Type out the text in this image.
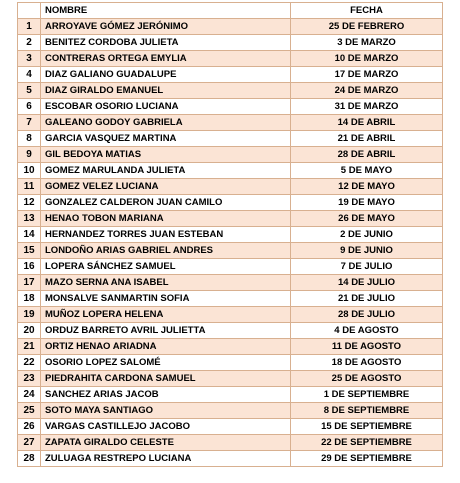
	NOMBRE	FECHA
1	ARROYAVE GÓMEZ JERÓNIMO	25 DE FEBRERO
2	BENITEZ CORDOBA JULIETA	3 DE MARZO
3	CONTRERAS ORTEGA EMYLIA	10 DE MARZO
4	DIAZ GALIANO GUADALUPE	17 DE MARZO
5	DIAZ GIRALDO EMANUEL	24 DE MARZO
6	ESCOBAR OSORIO LUCIANA	31 DE MARZO
7	GALEANO GODOY GABRIELA	14 DE ABRIL
8	GARCIA VASQUEZ MARTINA	21 DE ABRIL
9	GIL BEDOYA MATIAS	28 DE ABRIL
10	GOMEZ MARULANDA JULIETA	5 DE MAYO
11	GOMEZ VELEZ LUCIANA	12 DE MAYO
12	GONZALEZ CALDERON JUAN CAMILO	19 DE MAYO
13	HENAO TOBON MARIANA	26 DE MAYO
14	HERNANDEZ TORRES JUAN ESTEBAN	2 DE JUNIO
15	LONDOÑO ARIAS GABRIEL ANDRES	9 DE JUNIO
16	LOPERA SÁNCHEZ SAMUEL	7 DE JULIO
17	MAZO SERNA ANA ISABEL	14 DE JULIO
18	MONSALVE SANMARTIN SOFIA	21 DE JULIO
19	MUÑOZ LOPERA HELENA	28 DE JULIO
20	ORDUZ BARRETO AVRIL JULIETTA	4 DE AGOSTO
21	ORTIZ HENAO ARIADNA	11 DE AGOSTO
22	OSORIO LOPEZ SALOMÉ	18 DE AGOSTO
23	PIEDRAHITA CARDONA SAMUEL	25 DE AGOSTO
24	SANCHEZ ARIAS JACOB	1 DE SEPTIEMBRE
25	SOTO MAYA SANTIAGO	8 DE SEPTIEMBRE
26	VARGAS CASTILLEJO JACOBO	15 DE SEPTIEMBRE
27	ZAPATA GIRALDO CELESTE	22 DE SEPTIEMBRE
28	ZULUAGA RESTREPO LUCIANA	29 DE SEPTIEMBRE
